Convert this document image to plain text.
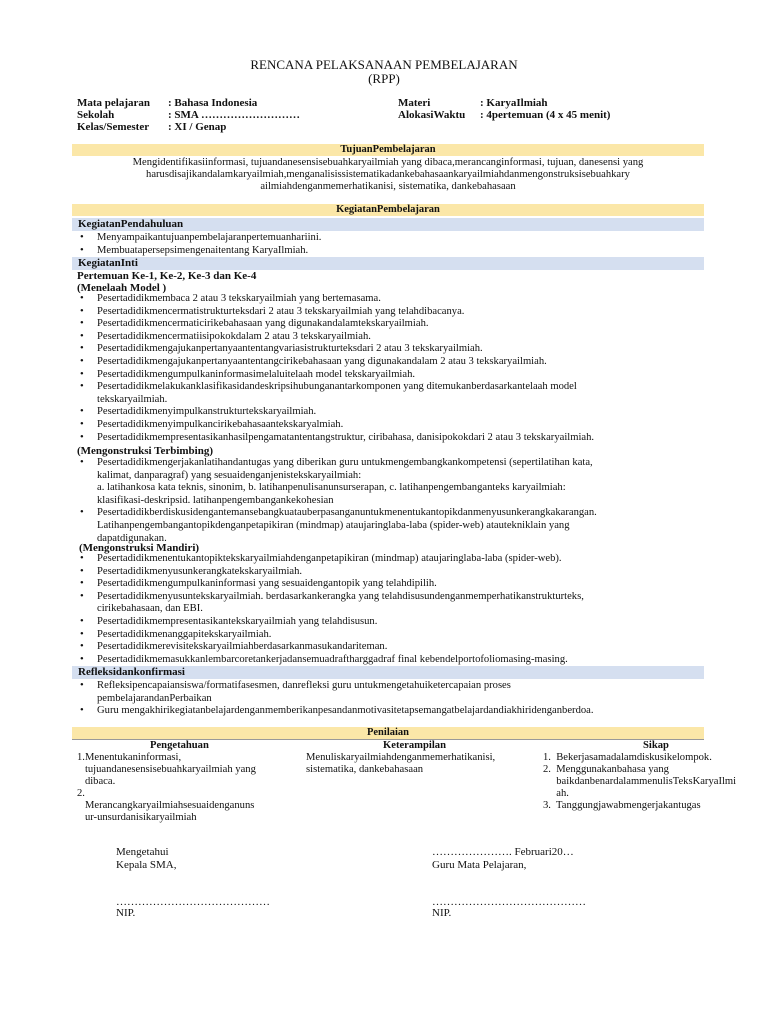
RENCANA PELAKSANAAN PEMBELAJARAN
(RPP)
Mata pelajaran : Bahasa Indonesia
Sekolah	: SMA ………………………
Kelas/Semester : XI / Genap
Materi	: KaryaIlmiah
AlokasiWaktu : 4pertemuan (4 x 45 menit)
TujuanPembelajaran
Mengidentifikasiinformasi, tujuandanesensisebuahkaryailmiah yang dibaca,merancanginformasi, tujuan, danesensi yang
harusdisajikandalamkaryailmiah,menganalisissistematikadankebahasaankaryailmiahdanmengonstruksisebuahkary
ailmiahdenganmemerhatikanisi, sistematika, dankebahasaan
KegiatanPembelajaran
KegiatanPendahuluan
• Menyampaikantujuanpembelajaranpertemuanhariini.
• Membuatapersepsimengenaitentang KaryaIlmiah.
KegiatanInti
Pertemuan Ke-1, Ke-2, Ke-3 dan Ke-4
(Menelaah Model )
• Pesertadidikmembaca 2 atau 3 tekskaryailmiah yang bertemasama.
• Pesertadidikmencermatistrukturteksdari 2 atau 3 tekskaryailmiah yang telahdibacanya.
• Pesertadidikmencermaticirikebahasaan yang digunakandalamtekskaryailmiah.
• Pesertadidikmencermatiisipokokdalam 2 atau 3 tekskaryailmiah.
• Pesertadidikmengajukanpertanyaantentangvariasistrukturteksdari 2 atau 3 tekskaryailmiah.
• Pesertadidikmengajukanpertanyaantentangcirikebahasaan yang digunakandalam 2 atau 3 tekskaryailmiah.
• Pesertadidikmengumpulkaninformasimelaluitelaah model tekskaryailmiah.
• Pesertadidikmelakukanklasifikasidandeskripsihubunganantarkomponen yang ditemukanberdasarkantelaah model
tekskaryailmiah.
• Pesertadidikmenyimpulkanstrukturtekskaryailmiah.
• Pesertadidikmenyimpulkancirikebahasaantekskaryalmiah.
• Pesertadidikmempresentasikanhasilpengamatantentangstruktur, ciribahasa, danisipokokdari 2 atau 3 tekskaryailmiah.
(Mengonstruksi Terbimbing)
• Pesertadidikmengerjakanlatihandantugas yang diberikan guru untukmengembangkankompetensi (sepertilatihan kata,
kalimat, danparagraf) yang sesuaidenganjenistekskaryailmiah:
a. latihankosa kata teknis, sinonim, b. latihanpenulisanunsurserapan, c. latihanpengembanganteks karyailmiah:
klasifikasi-deskripsid. latihanpengembangankekohesian
• Pesertadidikberdiskusidengantemansebangkuatauberpasanganuntukmenentukantopikdanmenyusunkerangkakarangan.
Latihanpengembangantopikdenganpetapikiran (mindmap) ataujaringlaba-laba (spider-web) atautekniklain yang
dapatdigunakan.
(Mengonstruksi Mandiri)
• Pesertadidikmenentukantopiktekskaryailmiahdenganpetapikiran (mindmap) ataujaringlaba-laba (spider-web).
• Pesertadidikmenyusunkerangkatekskaryailmiah.
• Pesertadidikmengumpulkaninformasi yang sesuaidengantopik yang telahdipilih.
• Pesertadidikmenyusuntekskaryailmiah. berdasarkankerangka yang telahdisusundenganmemperhatikanstrukturteks,
cirikebahasaan, dan EBI.
• Pesertadidikmempresentasikantekskaryailmiah yang telahdisusun.
• Pesertadidikmenanggapitekskaryailmiah.
• Pesertadidikmerevisitekskaryailmiahberdasarkanmasukandariteman.
• Pesertadidikmemasukkanlembarcoretankerjadansemuadraftharggadraf final kebendelportofoliomasing-masing.
Refleksidankonfirmasi
• Refleksipencapaiansiswa/formatifasesmen, danrefleksi guru untukmengetahuiketercapaian proses
pembelajarandanPerbaikan
• Guru mengakhirikegiatanbelajardenganmemberikanpesandanmotivasitetapsemangatbelajardandiakhiridenganberdoa.
Penilaian
Pengetahuan
1.Menentukaninformasi,
tujuandanesensisebuahkaryailmiah yang
dibaca.
2.
Merancangkaryailmiahsesuaidenganuns
ur-unsurdanisikaryailmiah
Keterampilan
Menuliskaryailmiahdenganmemerhatikanisi,
sistematika, dankebahasaan
Sikap
1.  Bekerjasamadalamdiskusikelompok.
2.  Menggunakanbahasa yang
baikdanbenardalammenulisTeksKaryaIlmi
ah.
3.  Tanggungjawabmengerjakantugas
Mengetahui
Kepala SMA,
……………………………………
NIP.
…………………. Februari20…
Guru Mata Pelajaran,
……………………………………
NIP.
